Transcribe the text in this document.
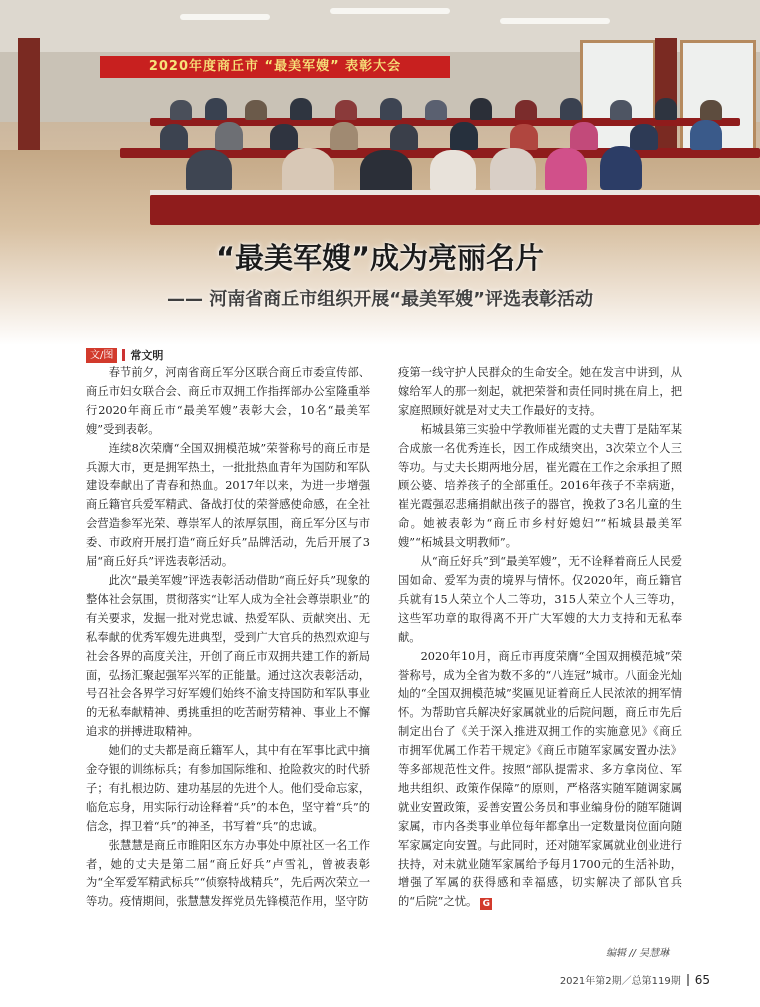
2020年度商丘市 “最美军嫂” 表彰大会
“最美军嫂”成为亮丽名片
—— 河南省商丘市组织开展“最美军嫂”评选表彰活动
文/图	常文明

春节前夕，河南省商丘军分区联合商丘市委宣传部、商丘市妇女联合会、商丘市双拥工作指挥部办公室隆重举行2020年商丘市“最美军嫂”表彰大会，10名“最美军嫂”受到表彰。

连续8次荣膺“全国双拥模范城”荣誉称号的商丘市是兵源大市，更是拥军热土，一批批热血青年为国防和军队建设奉献出了青春和热血。2017年以来，为进一步增强商丘籍官兵爱军精武、备战打仗的荣誉感使命感，在全社会营造参军光荣、尊崇军人的浓厚氛围，商丘军分区与市委、市政府开展打造“商丘好兵”品牌活动，先后开展了3届“商丘好兵”评选表彰活动。

此次“最美军嫂”评选表彰活动借助“商丘好兵”现象的整体社会氛围，贯彻落实“让军人成为全社会尊崇职业”的有关要求，发掘一批对党忠诚、热爱军队、贡献突出、无私奉献的优秀军嫂先进典型，受到广大官兵的热烈欢迎与社会各界的高度关注，开创了商丘市双拥共建工作的新局面，弘扬汇聚起强军兴军的正能量。通过这次表彰活动，号召社会各界学习好军嫂们始终不渝支持国防和军队事业的无私奉献精神、勇挑重担的吃苦耐劳精神、事业上不懈追求的拼搏进取精神。

她们的丈夫都是商丘籍军人，其中有在军事比武中摘金夺银的训练标兵；有参加国际维和、抢险救灾的时代骄子；有扎根边防、建功基层的先进个人。他们受命忘家，临危忘身，用实际行动诠释着“兵”的本色，坚守着“兵”的信念，捍卫着“兵”的神圣，书写着“兵”的忠诚。

张慧慧是商丘市睢阳区东方办事处中原社区一名工作者，她的丈夫是第二届“商丘好兵”卢雪礼，曾被表彰为“全军爱军精武标兵”“侦察特战精兵”，先后两次荣立一等功。疫情期间，张慧慧发挥党员先锋模范作用，坚守防

疫第一线守护人民群众的生命安全。她在发言中讲到，从嫁给军人的那一刻起，就把荣誉和责任同时挑在肩上，把家庭照顾好就是对丈夫工作最好的支持。

柘城县第三实验中学教师崔光霞的丈夫曹丁是陆军某合成旅一名优秀连长，因工作成绩突出，3次荣立个人三等功。与丈夫长期两地分居，崔光霞在工作之余承担了照顾公婆、培养孩子的全部重任。2016年孩子不幸病逝，崔光霞强忍悲痛捐献出孩子的器官，挽救了3名儿童的生命。她被表彰为“商丘市乡村好媳妇”“柘城县最美军嫂”“柘城县文明教师”。

从“商丘好兵”到“最美军嫂”，无不诠释着商丘人民爱国如命、爱军为责的境界与情怀。仅2020年，商丘籍官兵就有15人荣立个人二等功，315人荣立个人三等功，这些军功章的取得离不开广大军嫂的大力支持和无私奉献。

2020年10月，商丘市再度荣膺“全国双拥模范城”荣誉称号，成为全省为数不多的“八连冠”城市。八面金光灿灿的“全国双拥模范城”奖匾见证着商丘人民浓浓的拥军情怀。为帮助官兵解决好家属就业的后院问题，商丘市先后制定出台了《关于深入推进双拥工作的实施意见》《商丘市拥军优属工作若干规定》《商丘市随军家属安置办法》等多部规范性文件。按照“部队提需求、多方拿岗位、军地共组织、政策作保障”的原则，严格落实随军随调家属就业安置政策，妥善安置公务员和事业编身份的随军随调家属，市内各类事业单位每年都拿出一定数量岗位面向随军家属定向安置。与此同时，还对随军家属就业创业进行扶持，对未就业随军家属给予每月1700元的生活补助，增强了军属的获得感和幸福感，切实解决了部队官兵的“后院”之忧。 G

编辑 // 吴慧琳
2021年第2期／总第119期 65
